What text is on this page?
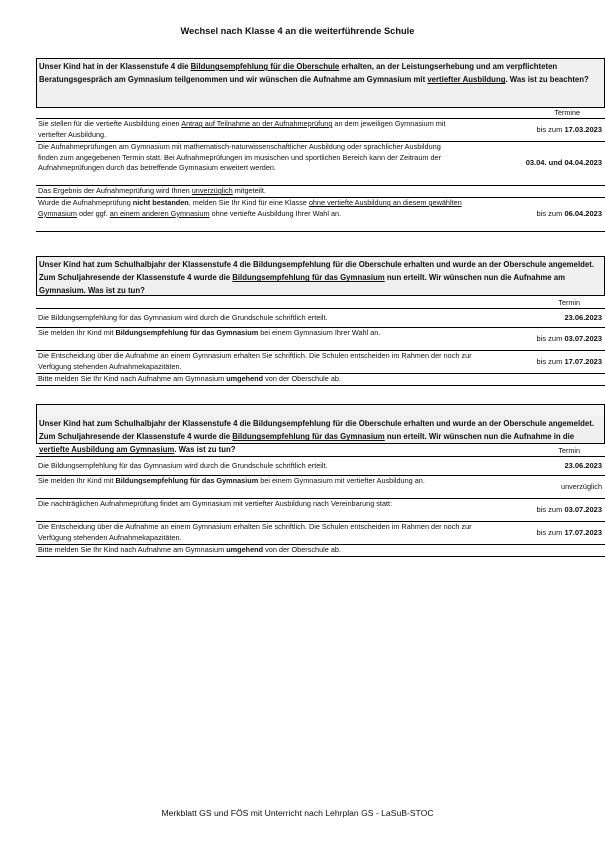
Wechsel nach Klasse 4 an die weiterführende Schule
Unser Kind hat in der Klassenstufe 4 die Bildungsempfehlung für die Oberschule erhalten, an der Leistungserhebung und am verpflichteten Beratungsgespräch am Gymnasium teilgenommen und wir wünschen die Aufnahme am Gymnasium mit vertiefter Ausbildung. Was ist zu beachten?
Termine
Sie stellen für die vertiefte Ausbildung einen Antrag auf Teilnahme an der Aufnahmeprüfung an dem jeweiligen Gymnasium mit vertiefter Ausbildung.	bis zum 17.03.2023
Die Aufnahmeprüfungen am Gymnasium mit mathematisch-naturwissenschaftlicher Ausbildung oder sprachlicher Ausbildung finden zum angegebenen Termin statt. Bei Aufnahmeprüfungen im musischen und sportlichen Bereich kann der Zeitraum der Aufnahmeprüfungen durch das betreffende Gymnasium erweitert werden.	03.04. und 04.04.2023
Das Ergebnis der Aufnahmeprüfung wird Ihnen unverzüglich mitgeteilt.	
Wurde die Aufnahmeprüfung nicht bestanden, melden Sie Ihr Kind für eine Klasse ohne vertiefte Ausbildung an diesem gewählten Gymnasium oder ggf. an einem anderen Gymnasium ohne vertiefte Ausbildung Ihrer Wahl an.	bis zum 06.04.2023
Unser Kind hat zum Schulhalbjahr der Klassenstufe 4 die Bildungsempfehlung für die Oberschule erhalten und wurde an der Oberschule angemeldet. Zum Schuljahresende der Klassenstufe 4 wurde die Bildungsempfehlung für das Gymnasium nun erteilt. Wir wünschen nun die Aufnahme am Gymnasium. Was ist zu tun?
Termin
Die Bildungsempfehlung für das Gymnasium wird durch die Grundschule schriftlich erteilt.	23.06.2023
Sie melden Ihr Kind mit Bildungsempfehlung für das Gymnasium bei einem Gymnasium Ihrer Wahl an.	bis zum 03.07.2023
Die Entscheidung über die Aufnahme an einem Gymnasium erhalten Sie schriftlich. Die Schulen entscheiden im Rahmen der noch zur Verfügung stehenden Aufnahmekapazitäten.	bis zum 17.07.2023
Bitte melden Sie Ihr Kind nach Aufnahme am Gymnasium umgehend von der Oberschule ab.	
Unser Kind hat zum Schulhalbjahr der Klassenstufe 4 die Bildungsempfehlung für die Oberschule erhalten und wurde an der Oberschule angemeldet. Zum Schuljahresende der Klassenstufe 4 wurde die Bildungsempfehlung für das Gymnasium nun erteilt. Wir wünschen nun die Aufnahme in die vertiefte Ausbildung am Gymnasium. Was ist zu tun?	Termin
Die Bildungsempfehlung für das Gymnasium wird durch die Grundschule schriftlich erteilt.	23.06.2023
Sie melden Ihr Kind mit Bildungsempfehlung für das Gymnasium bei einem Gymnasium mit vertiefter Ausbildung an.	unverzüglich
Die nachträglichen Aufnahmeprüfung findet am Gymnasium mit vertiefter Ausbildung nach Vereinbarung statt:	bis zum 03.07.2023
Die Entscheidung über die Aufnahme an einem Gymnasium erhalten Sie schriftlich. Die Schulen entscheiden im Rahmen der noch zur Verfügung stehenden Aufnahmekapazitäten.	bis zum 17.07.2023
Bitte melden Sie Ihr Kind nach Aufnahme am Gymnasium umgehend von der Oberschule ab.	
Merkblatt GS und FÖS mit Unterricht nach Lehrplan GS - LaSuB-STOC
